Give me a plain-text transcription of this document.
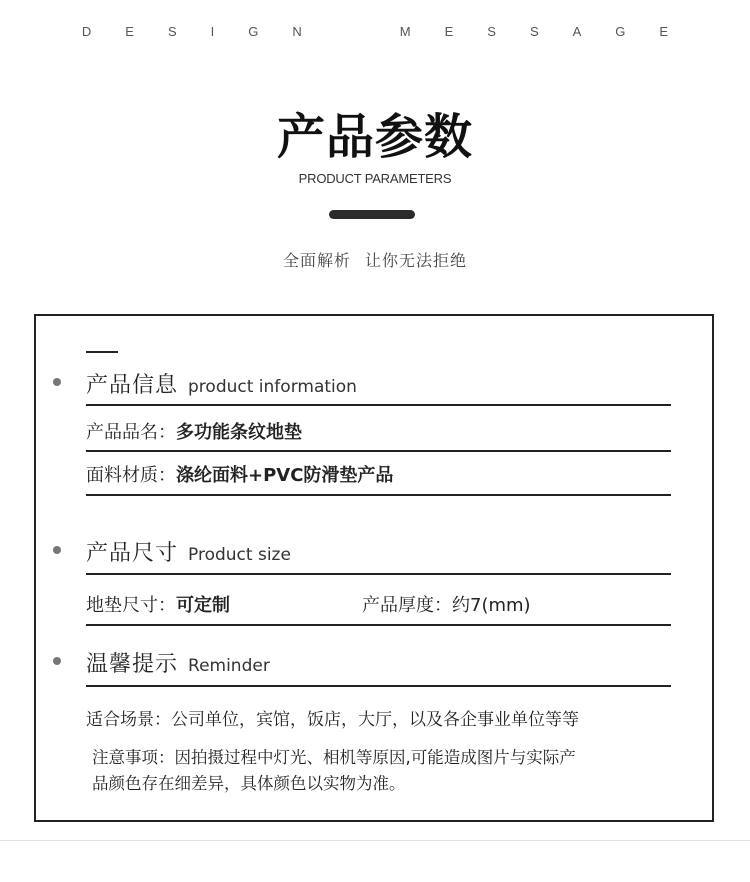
D	E	S	I	G	N	M	E	S	S	A	G	E
产品参数
PRODUCT PARAMETERS
全面解析 让你无法拒绝
产品信息 product information
产品品名：多功能条纹地垫
面料材质：涤纶面料+PVC防滑垫产品
产品尺寸 Product size
地垫尺寸：可定制	产品厚度：约7(mm)
温馨提示 Reminder
适合场景：公司单位，宾馆，饭店，大厅，以及各企事业单位等等
注意事项：因拍摄过程中灯光、相机等原因,可能造成图片与实际产
品颜色存在细差异，具体颜色以实物为准。
